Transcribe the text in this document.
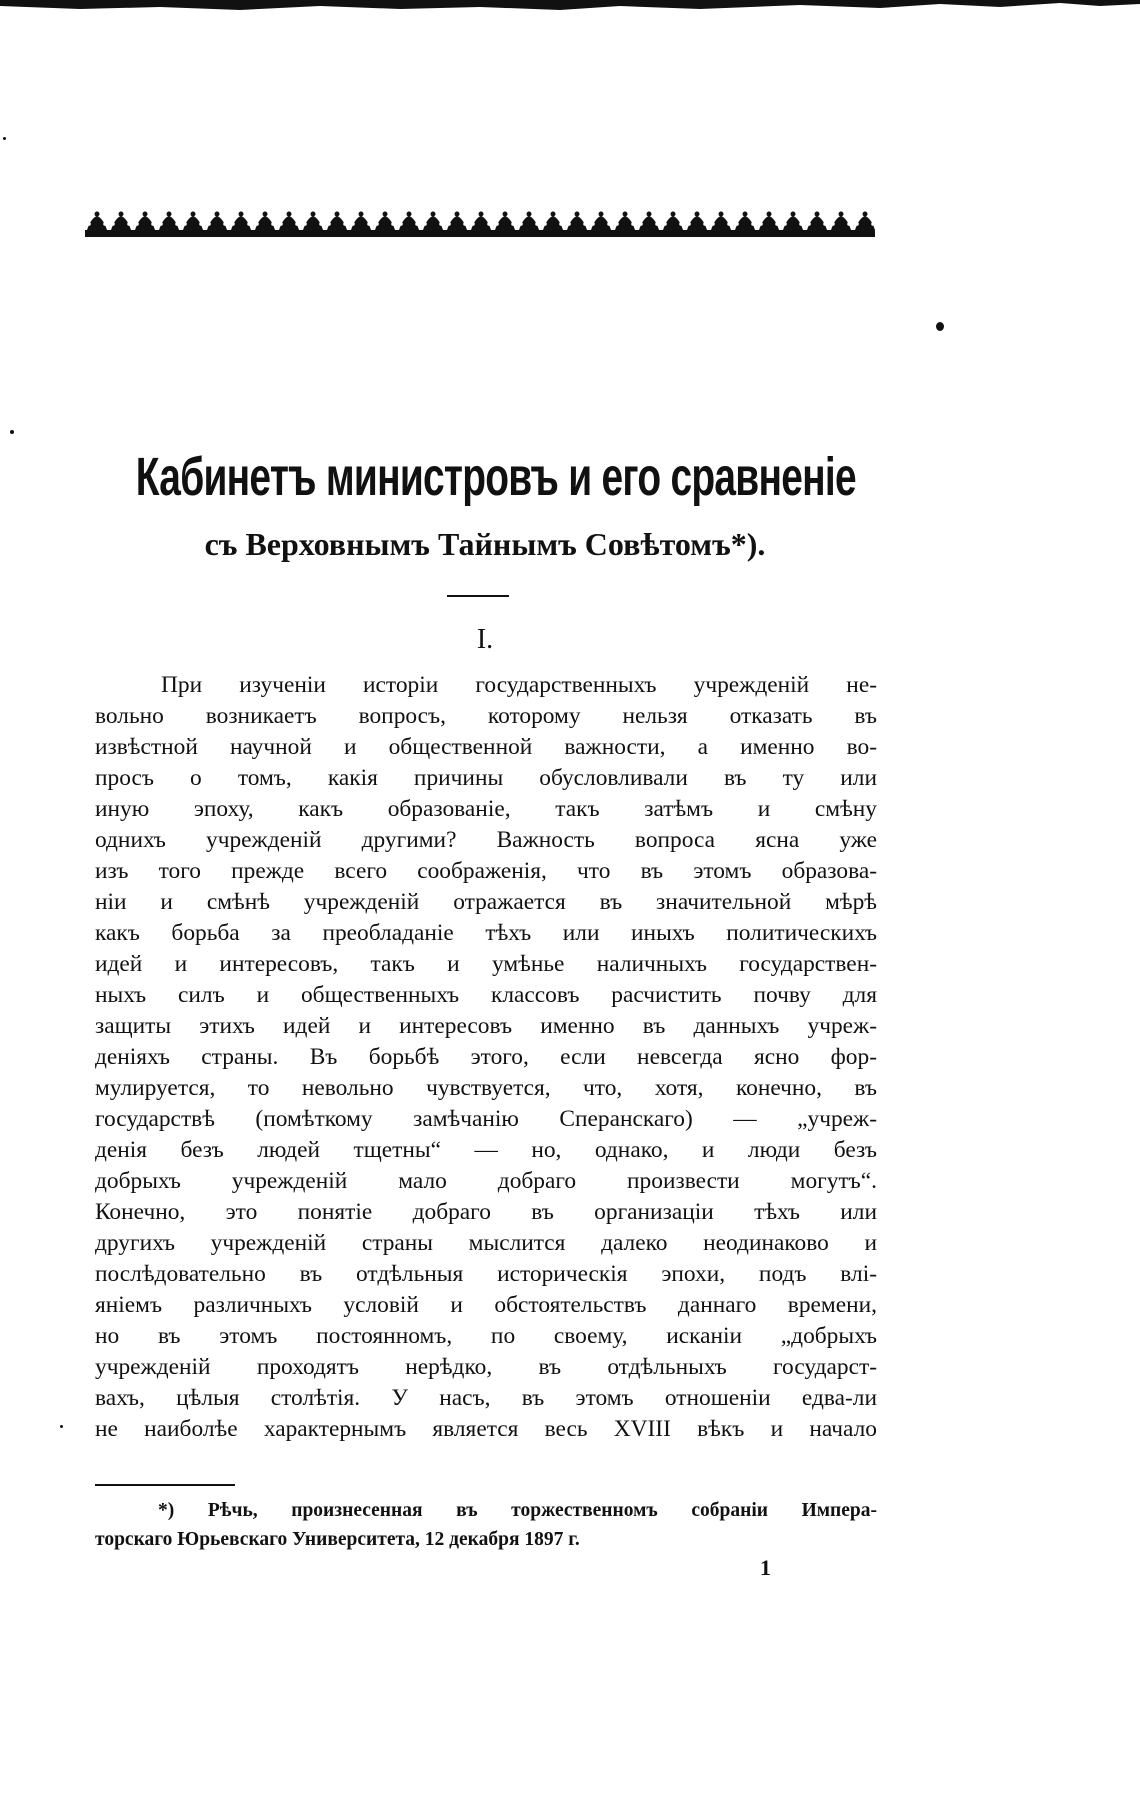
Кабинетъ министровъ и его сравненіе
съ Верховнымъ Тайнымъ Совѣтомъ*).
I.
При изученіи исторіи государственныхъ учрежденій не-
вольно возникаетъ вопросъ, которому нельзя отказать въ
извѣстной научной и общественной важности, а именно во-
просъ о томъ, какія причины обусловливали въ ту или
иную эпоху, какъ образованіе, такъ затѣмъ и смѣну
однихъ учрежденій другими? Важность вопроса ясна уже
изъ того прежде всего соображенія, что въ этомъ образова-
ніи и смѣнѣ учрежденій отражается въ значительной мѣрѣ
какъ борьба за преобладаніе тѣхъ или иныхъ политическихъ
идей и интересовъ, такъ и умѣнье наличныхъ государствен-
ныхъ силъ и общественныхъ классовъ расчистить почву для
защиты этихъ идей и интересовъ именно въ данныхъ учреж-
деніяхъ страны. Въ борьбѣ этого, если невсегда ясно фор-
мулируется, то невольно чувствуется, что, хотя, конечно, въ
государствѣ (помѣткому замѣчанію Сперанскаго) — „учреж-
денія безъ людей тщетны“ — но, однако, и люди безъ
добрыхъ учрежденій мало добраго произвести могутъ“.
Конечно, это понятіе добраго въ организаціи тѣхъ или
другихъ учрежденій страны мыслится далеко неодинаково и
послѣдовательно въ отдѣльныя историческія эпохи, подъ влі-
яніемъ различныхъ условій и обстоятельствъ даннаго времени,
но въ этомъ постоянномъ, по своему, исканіи „добрыхъ
учрежденій проходятъ нерѣдко, въ отдѣльныхъ государст-
вахъ, цѣлыя столѣтія. У насъ, въ этомъ отношеніи едва-ли
не наиболѣе характернымъ является весь XVIII вѣкъ и начало
*) Рѣчь, произнесенная въ торжественномъ собраніи Импера-
торскаго Юрьевскаго Университета, 12 декабря 1897 г.
1
